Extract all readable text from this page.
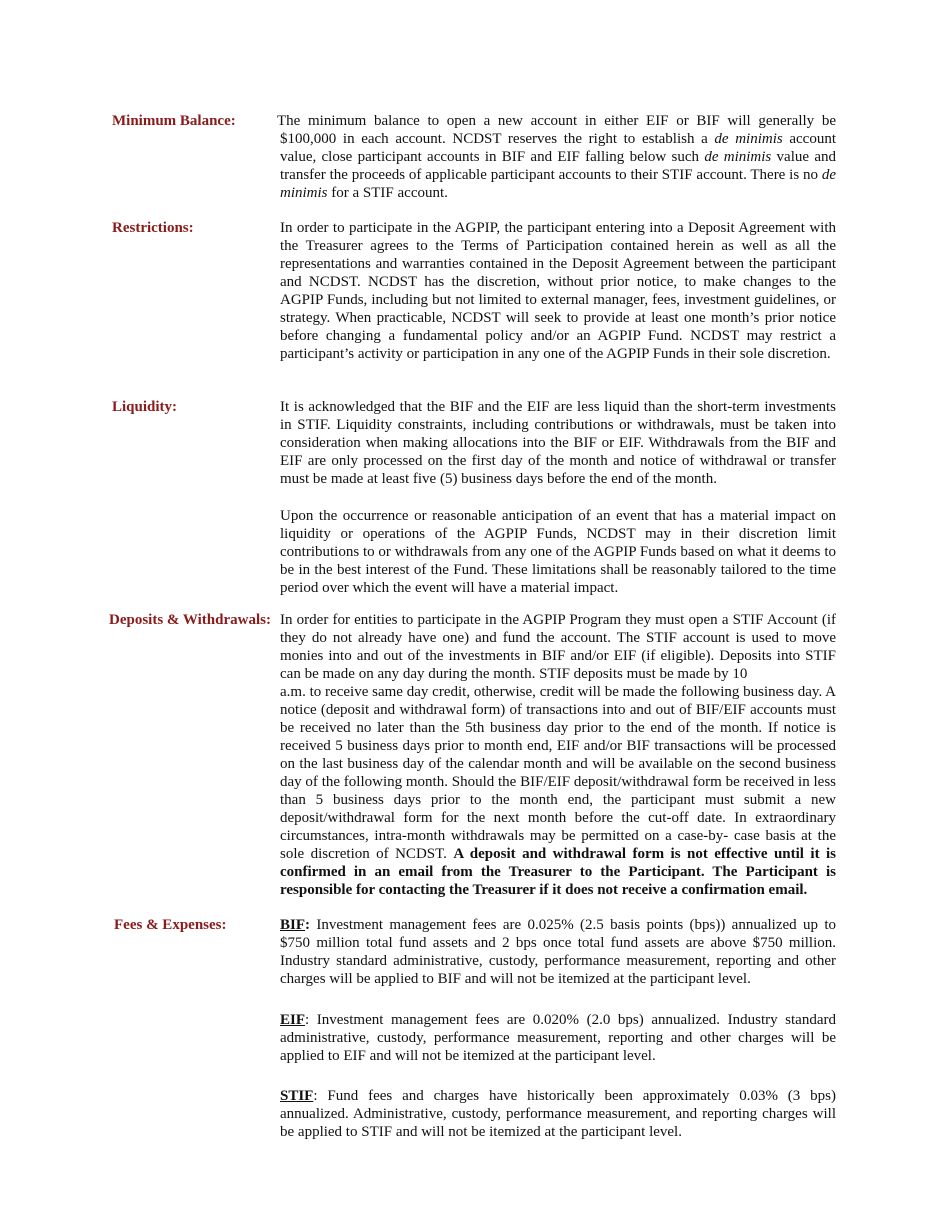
Minimum Balance:	The minimum balance to open a new account in either EIF or BIF will generally be $100,000 in each account. NCDST reserves the right to establish a de minimis account value, close participant accounts in BIF and EIF falling below such de minimis value and transfer the proceeds of applicable participant accounts to their STIF account. There is no de minimis for a STIF account.

Restrictions:	In order to participate in the AGPIP, the participant entering into a Deposit Agreement with the Treasurer agrees to the Terms of Participation contained herein as well as all the representations and warranties contained in the Deposit Agreement between the participant and NCDST. NCDST has the discretion, without prior notice, to make changes to the AGPIP Funds, including but not limited to external manager, fees, investment guidelines, or strategy. When practicable, NCDST will seek to provide at least one month’s prior notice before changing a fundamental policy and/or an AGPIP Fund. NCDST may restrict a participant’s activity or participation in any one of the AGPIP Funds in their sole discretion.

Liquidity:	It is acknowledged that the BIF and the EIF are less liquid than the short-term investments in STIF. Liquidity constraints, including contributions or withdrawals, must be taken into consideration when making allocations into the BIF or EIF. Withdrawals from the BIF and EIF are only processed on the first day of the month and notice of withdrawal or transfer must be made at least five (5) business days before the end of the month.

Upon the occurrence or reasonable anticipation of an event that has a material impact on liquidity or operations of the AGPIP Funds, NCDST may in their discretion limit contributions to or withdrawals from any one of the AGPIP Funds based on what it deems to be in the best interest of the Fund. These limitations shall be reasonably tailored to the time period over which the event will have a material impact.

Deposits & Withdrawals: In order for entities to participate in the AGPIP Program they must open a STIF Account (if they do not already have one) and fund the account. The STIF account is used to move monies into and out of the investments in BIF and/or EIF (if eligible). Deposits into STIF can be made on any day during the month. STIF deposits must be made by 10
a.m. to receive same day credit, otherwise, credit will be made the following business day. A notice (deposit and withdrawal form) of transactions into and out of BIF/EIF accounts must be received no later than the 5th business day prior to the end of the month. If notice is received 5 business days prior to month end, EIF and/or BIF transactions will be processed on the last business day of the calendar month and will be available on the second business day of the following month. Should the BIF/EIF deposit/withdrawal form be received in less than 5 business days prior to the month end, the participant must submit a new deposit/withdrawal form for the next month before the cut-off date. In extraordinary circumstances, intra-month withdrawals may be permitted on a case-by- case basis at the sole discretion of NCDST. A deposit and withdrawal form is not effective until it is confirmed in an email from the Treasurer to the Participant. The Participant is responsible for contacting the Treasurer if it does not receive a confirmation email.

Fees & Expenses:	BIF: Investment management fees are 0.025% (2.5 basis points (bps)) annualized up to $750 million total fund assets and 2 bps once total fund assets are above $750 million. Industry standard administrative, custody, performance measurement, reporting and other charges will be applied to BIF and will not be itemized at the participant level.

EIF: Investment management fees are 0.020% (2.0 bps) annualized. Industry standard administrative, custody, performance measurement, reporting and other charges will be applied to EIF and will not be itemized at the participant level.

STIF: Fund fees and charges have historically been approximately 0.03% (3 bps) annualized. Administrative, custody, performance measurement, and reporting charges will be applied to STIF and will not be itemized at the participant level.
